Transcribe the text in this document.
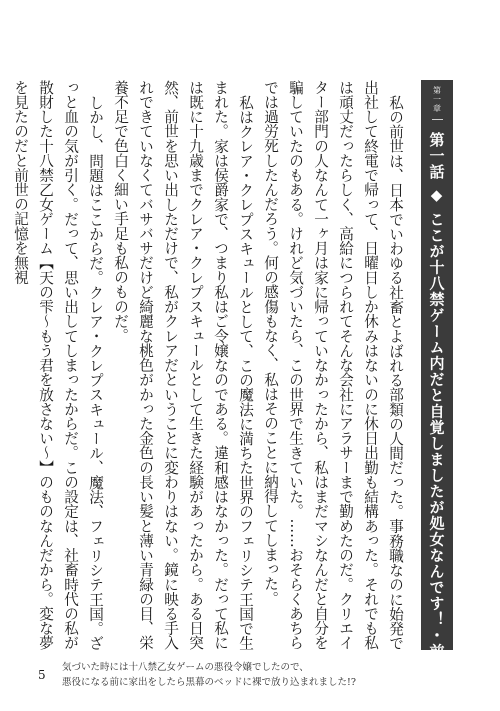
第一章
第一話 ◆ ここが十八禁ゲーム内だと自覚しましたが処女なんです！・前

私の前世は、日本でいわゆる社畜とよばれる部類の人間だった。事務職なのに始発で出社して終電で帰って、日曜日しか休みはないのに休日出勤も結構あった。それでも私は頑丈だったらしく、高給につられてそんな会社にアラサーまで勤めたのだ。クリエイター部門の人なんて一ヶ月は家に帰っていなかったから、私はまだマシなんだと自分を騙していたのもある。けれど気づいたら、この世界で生きていた。……おそらくあちらでは過労死したんだろう。何の感傷もなく、私はそのことに納得してしまった。

私はクレア・クレプスキュールとして、この魔法に満ちた世界のフェリシテ王国で生まれた。家は侯爵家で、つまり私はご令嬢なのである。違和感はなかった。だって私には既に十九歳までクレア・クレプスキュールとして生きた経験があったから。ある日突然、前世を思い出しただけで、私がクレアだということに変わりはない。鏡に映る手入れできていなくてバサバサだけど綺麗な桃色がかった金色の長い髪と薄い青緑の目、栄養不足で色白く細い手足も私のものだ。

しかし、問題はここからだ。クレア・クレプスキュール、魔法、フェリシテ王国。ざっと血の気が引く。だって、思い出してしまったからだ。この設定は、社畜時代の私が散財した十八禁乙女ゲーム【天の雫～もう君を放さない～】のものなんだから。変な夢を見たのだと前世の記憶を無視

5
気づいた時には十八禁乙女ゲームの悪役令嬢でしたので、
悪役になる前に家出をしたら黒幕のベッドに裸で放り込まれました!?
